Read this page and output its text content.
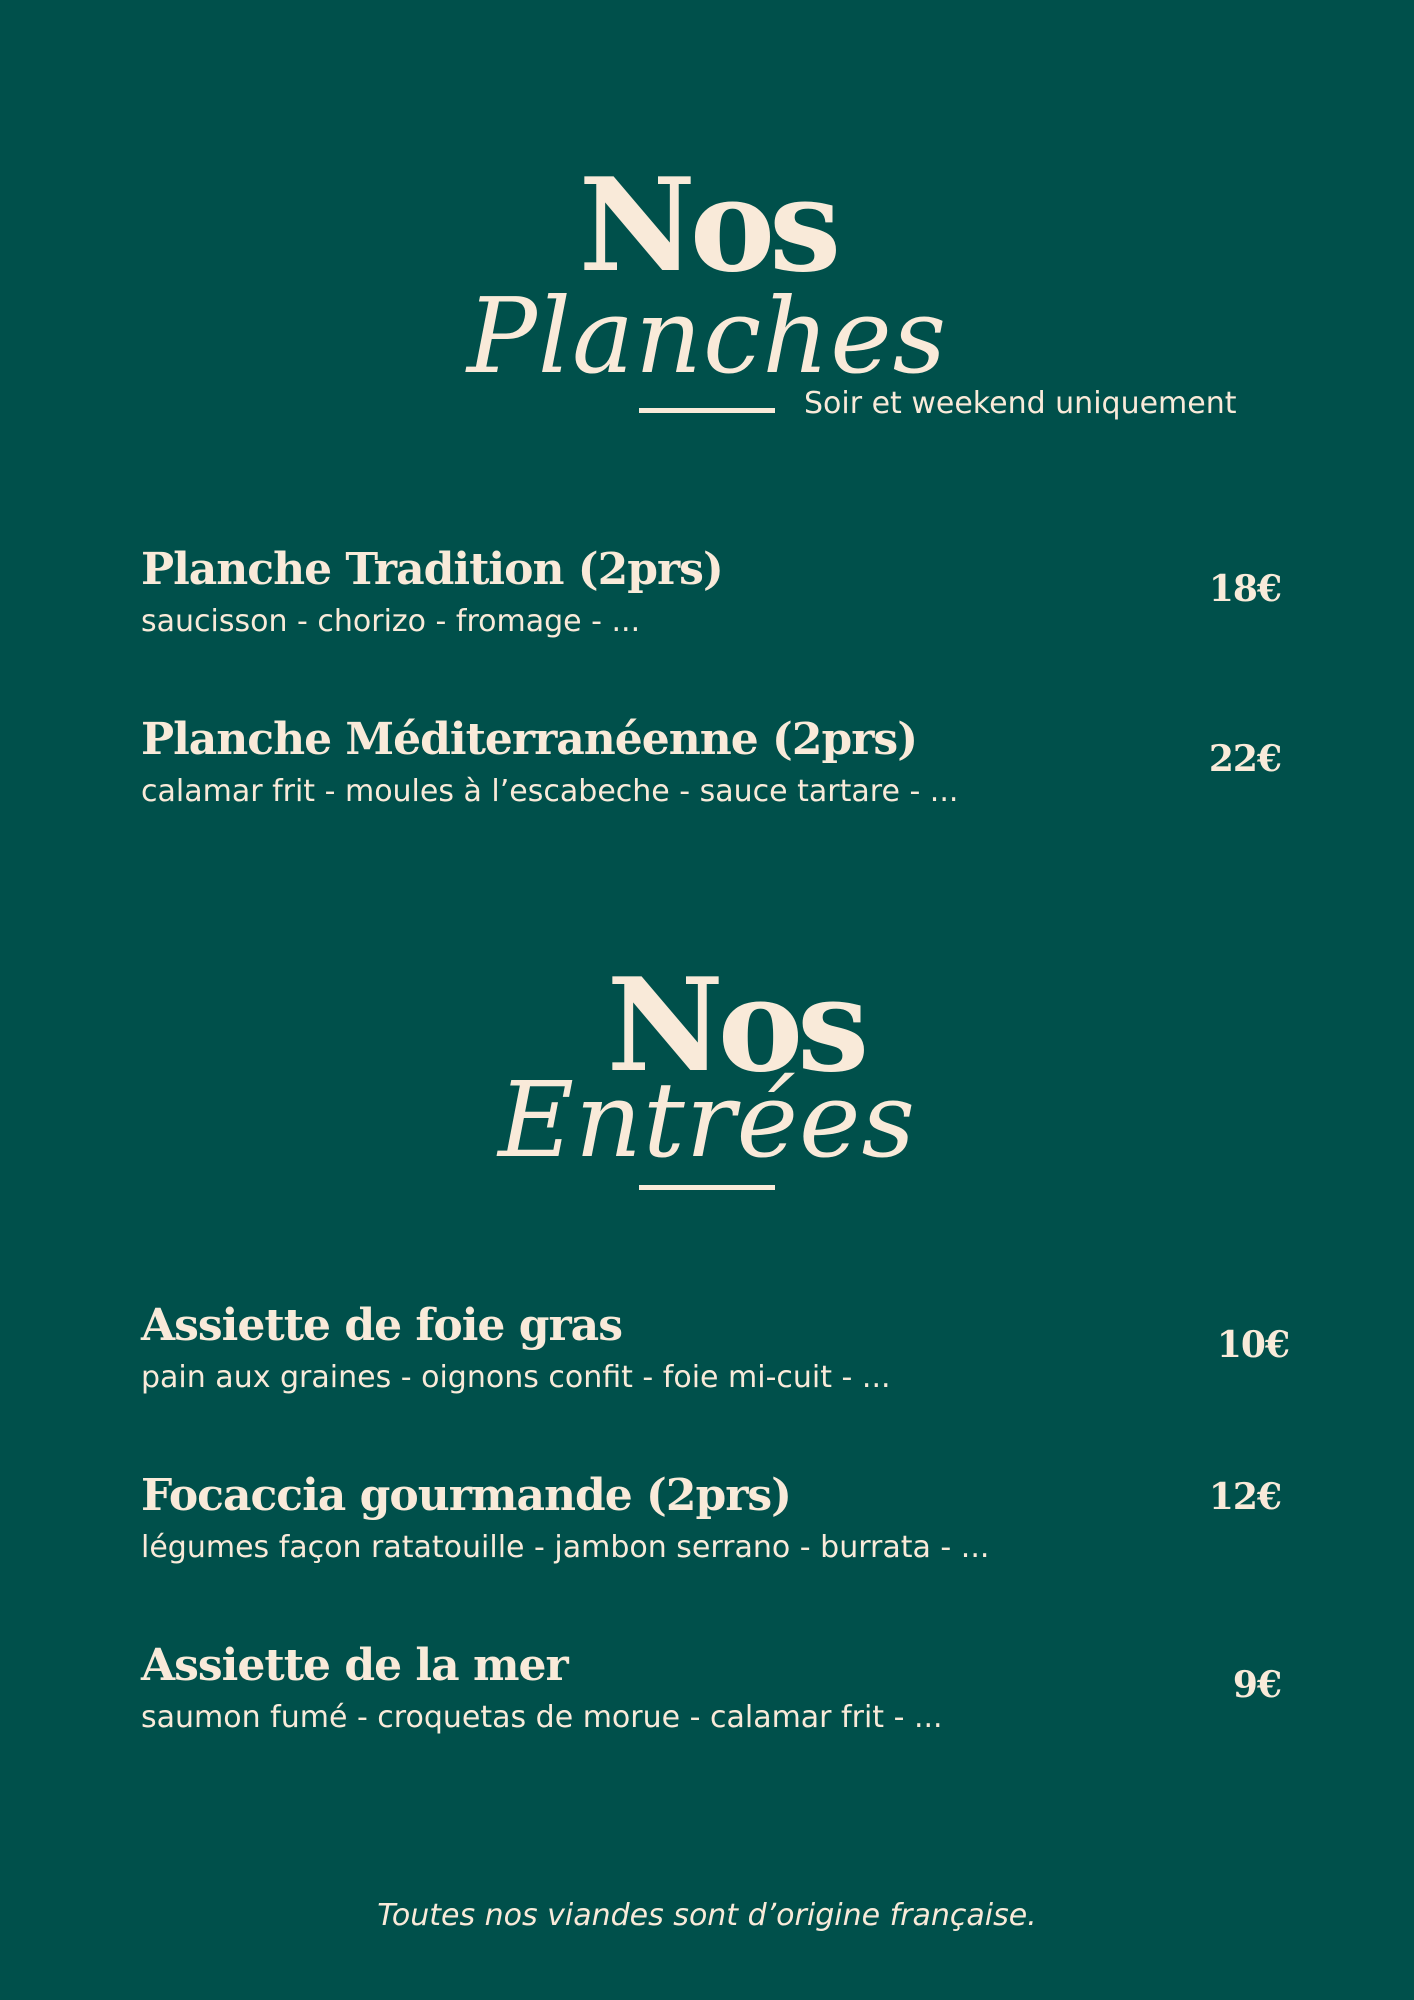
Nos
Planches
Soir et weekend uniquement
Planche Tradition (2prs)
saucisson - chorizo - fromage - ...
18€
Planche Méditerranéenne (2prs)
calamar frit - moules à l’escabeche - sauce tartare - ...
22€
Nos
Entrées
Assiette de foie gras
pain aux graines - oignons confit - foie mi-cuit - ...
10€
Focaccia gourmande (2prs)
légumes façon ratatouille - jambon serrano - burrata - ...
12€
Assiette de la mer
saumon fumé - croquetas de morue - calamar frit - ...
9€
Toutes nos viandes sont d’origine française.
